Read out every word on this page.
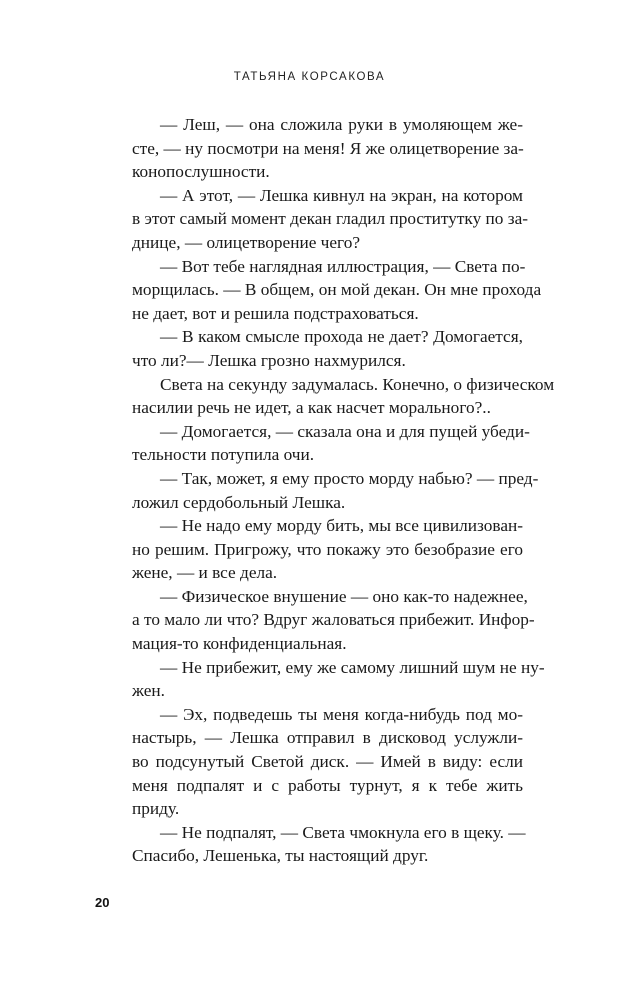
ТАТЬЯНА КОРСАКОВА
— Леш, — она сложила руки в умоляющем же-
сте, — ну посмотри на меня! Я же олицетворение за-
конопослушности.
— А этот, — Лешка кивнул на экран, на котором
в этот самый момент декан гладил проститутку по за-
днице, — олицетворение чего?
— Вот тебе наглядная иллюстрация, — Света по-
морщилась. — В общем, он мой декан. Он мне прохода
не дает, вот и решила подстраховаться.
— В каком смысле прохода не дает? Домогается,
что ли?— Лешка грозно нахмурился.
Света на секунду задумалась. Конечно, о физическом
насилии речь не идет, а как насчет морального?..
— Домогается, — сказала она и для пущей убеди-
тельности потупила очи.
— Так, может, я ему просто морду набью? — пред-
ложил сердобольный Лешка.
— Не надо ему морду бить, мы все цивилизован-
но решим. Пригрожу, что покажу это безобразие его
жене, — и все дела.
— Физическое внушение — оно как-то надежнее,
а то мало ли что? Вдруг жаловаться прибежит. Инфор-
мация-то конфиденциальная.
— Не прибежит, ему же самому лишний шум не ну-
жен.
— Эх, подведешь ты меня когда-нибудь под мо-
настырь, — Лешка отправил в дисковод услужли-
во подсунутый Светой диск. — Имей в виду: если
меня подпалят и с работы турнут, я к тебе жить
приду.
— Не подпалят, — Света чмокнула его в щеку. —
Спасибо, Лешенька, ты настоящий друг.
20
